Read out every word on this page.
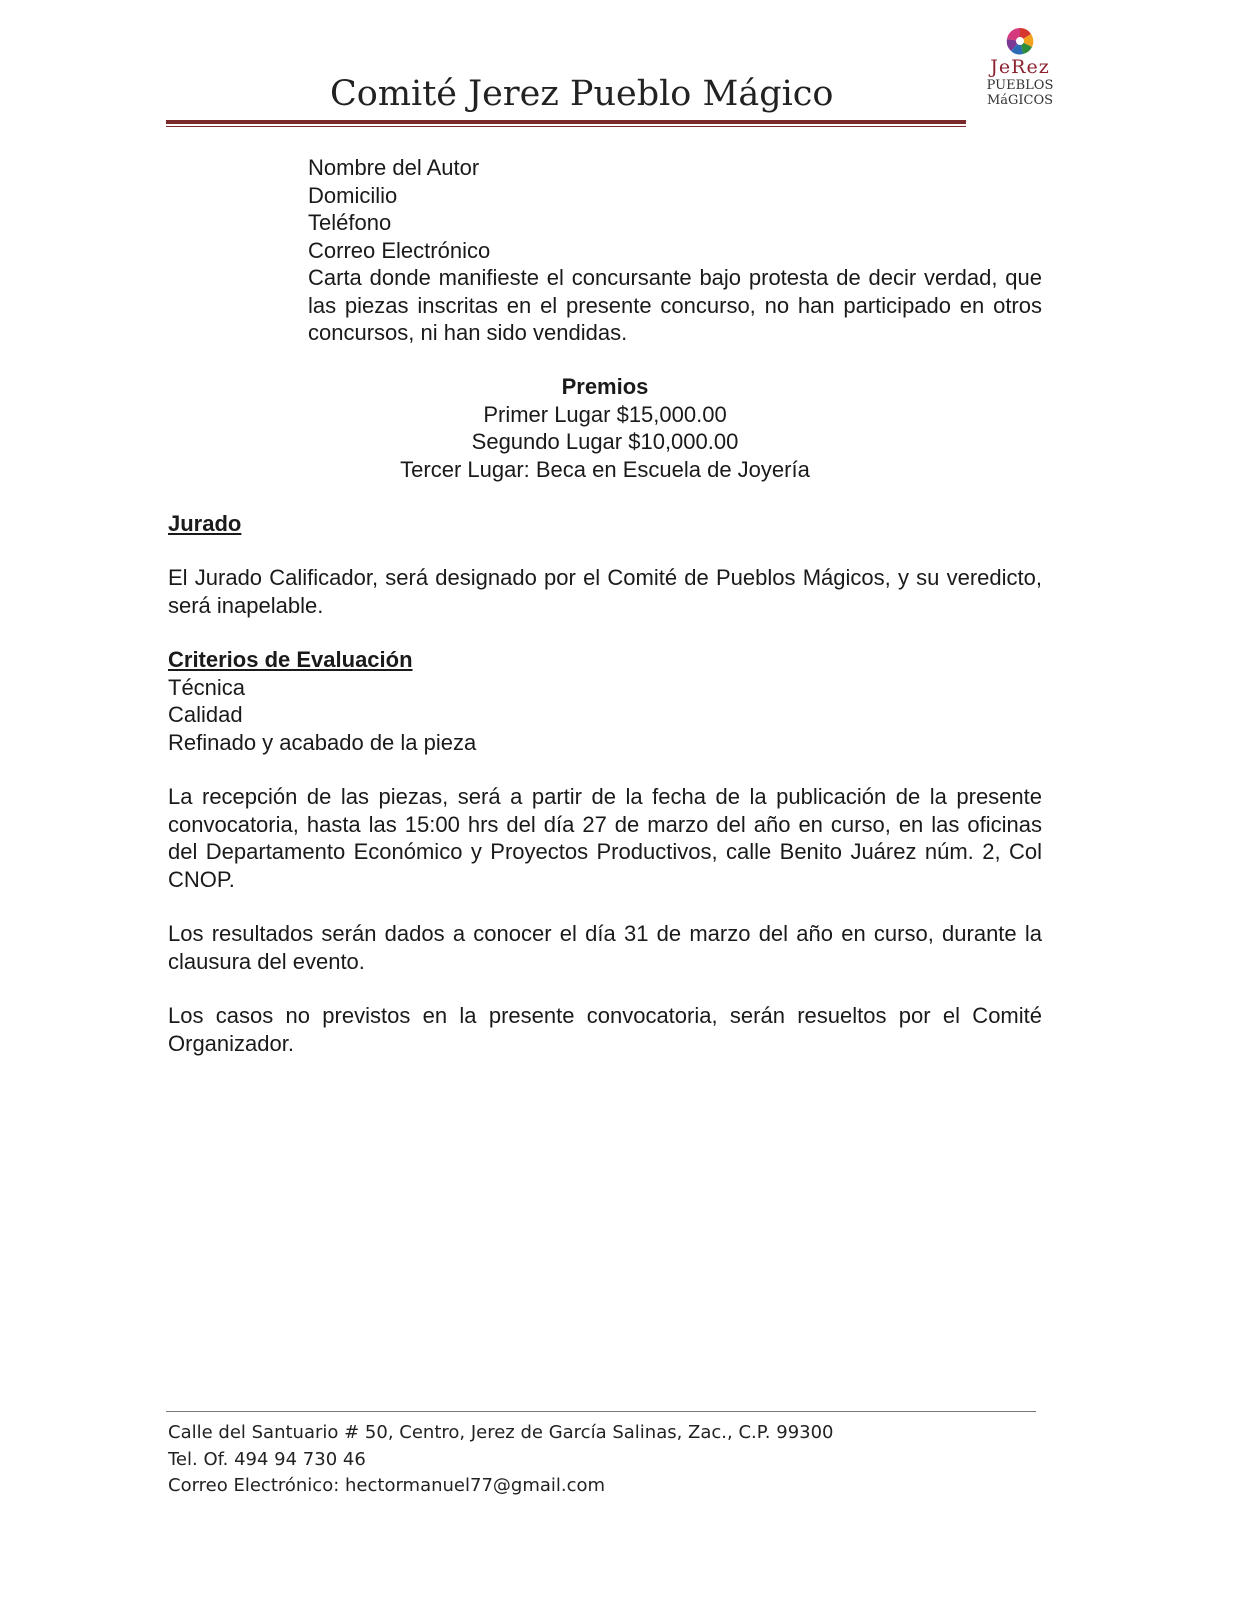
Comité Jerez Pueblo Mágico
JeRez
PUEBLOS
MáGICOS
Nombre del Autor
Domicilio
Teléfono
Correo Electrónico
Carta donde manifieste el concursante bajo protesta de decir verdad, que las piezas inscritas en el presente concurso, no han participado en otros concursos, ni han sido vendidas.
Premios
Primer Lugar $15,000.00
Segundo Lugar $10,000.00
Tercer Lugar: Beca en Escuela de Joyería
Jurado
El Jurado Calificador, será designado por el Comité de Pueblos Mágicos, y su veredicto, será inapelable.
Criterios de Evaluación
Técnica
Calidad
Refinado y acabado de la pieza
La recepción de las piezas, será a partir de la fecha de la publicación de la presente convocatoria, hasta las 15:00 hrs del día 27 de marzo del año en curso, en las oficinas del Departamento Económico y Proyectos Productivos, calle Benito Juárez núm. 2, Col CNOP.
Los resultados serán dados a conocer el día 31 de marzo del año en curso, durante la clausura del evento.
Los casos no previstos en la presente convocatoria, serán resueltos por el Comité Organizador.
Calle del Santuario # 50, Centro, Jerez de García Salinas, Zac., C.P. 99300
Tel. Of. 494 94 730 46
Correo Electrónico: hectormanuel77@gmail.com
